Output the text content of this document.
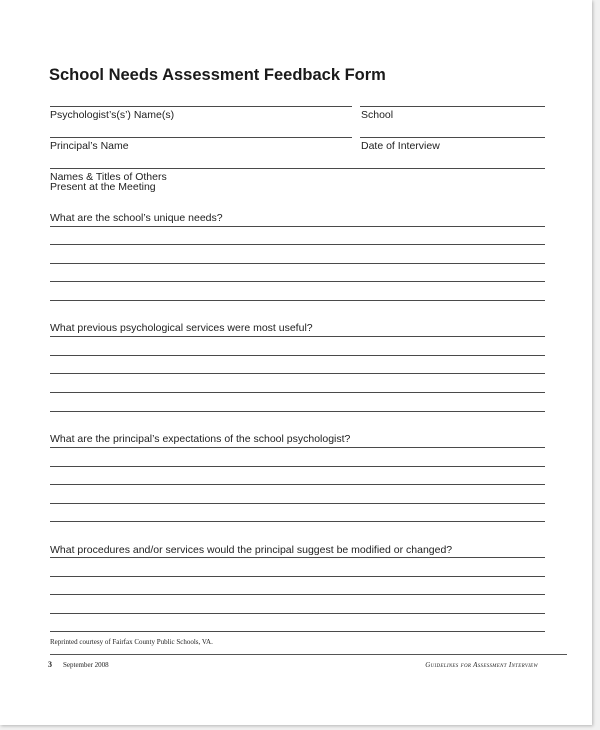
School Needs Assessment Feedback Form
Psychologist’s(s’) Name(s)	School
Principal’s Name	Date of Interview
Names & Titles of Others
Present at the Meeting
What are the school’s unique needs?
What previous psychological services were most useful?
What are the principal’s expectations of the school psychologist?
What procedures and/or services would the principal suggest be modified or changed?
Reprinted courtesy of Fairfax County Public Schools, VA.
3 September 2008	Guidelines for Assessment Interview
